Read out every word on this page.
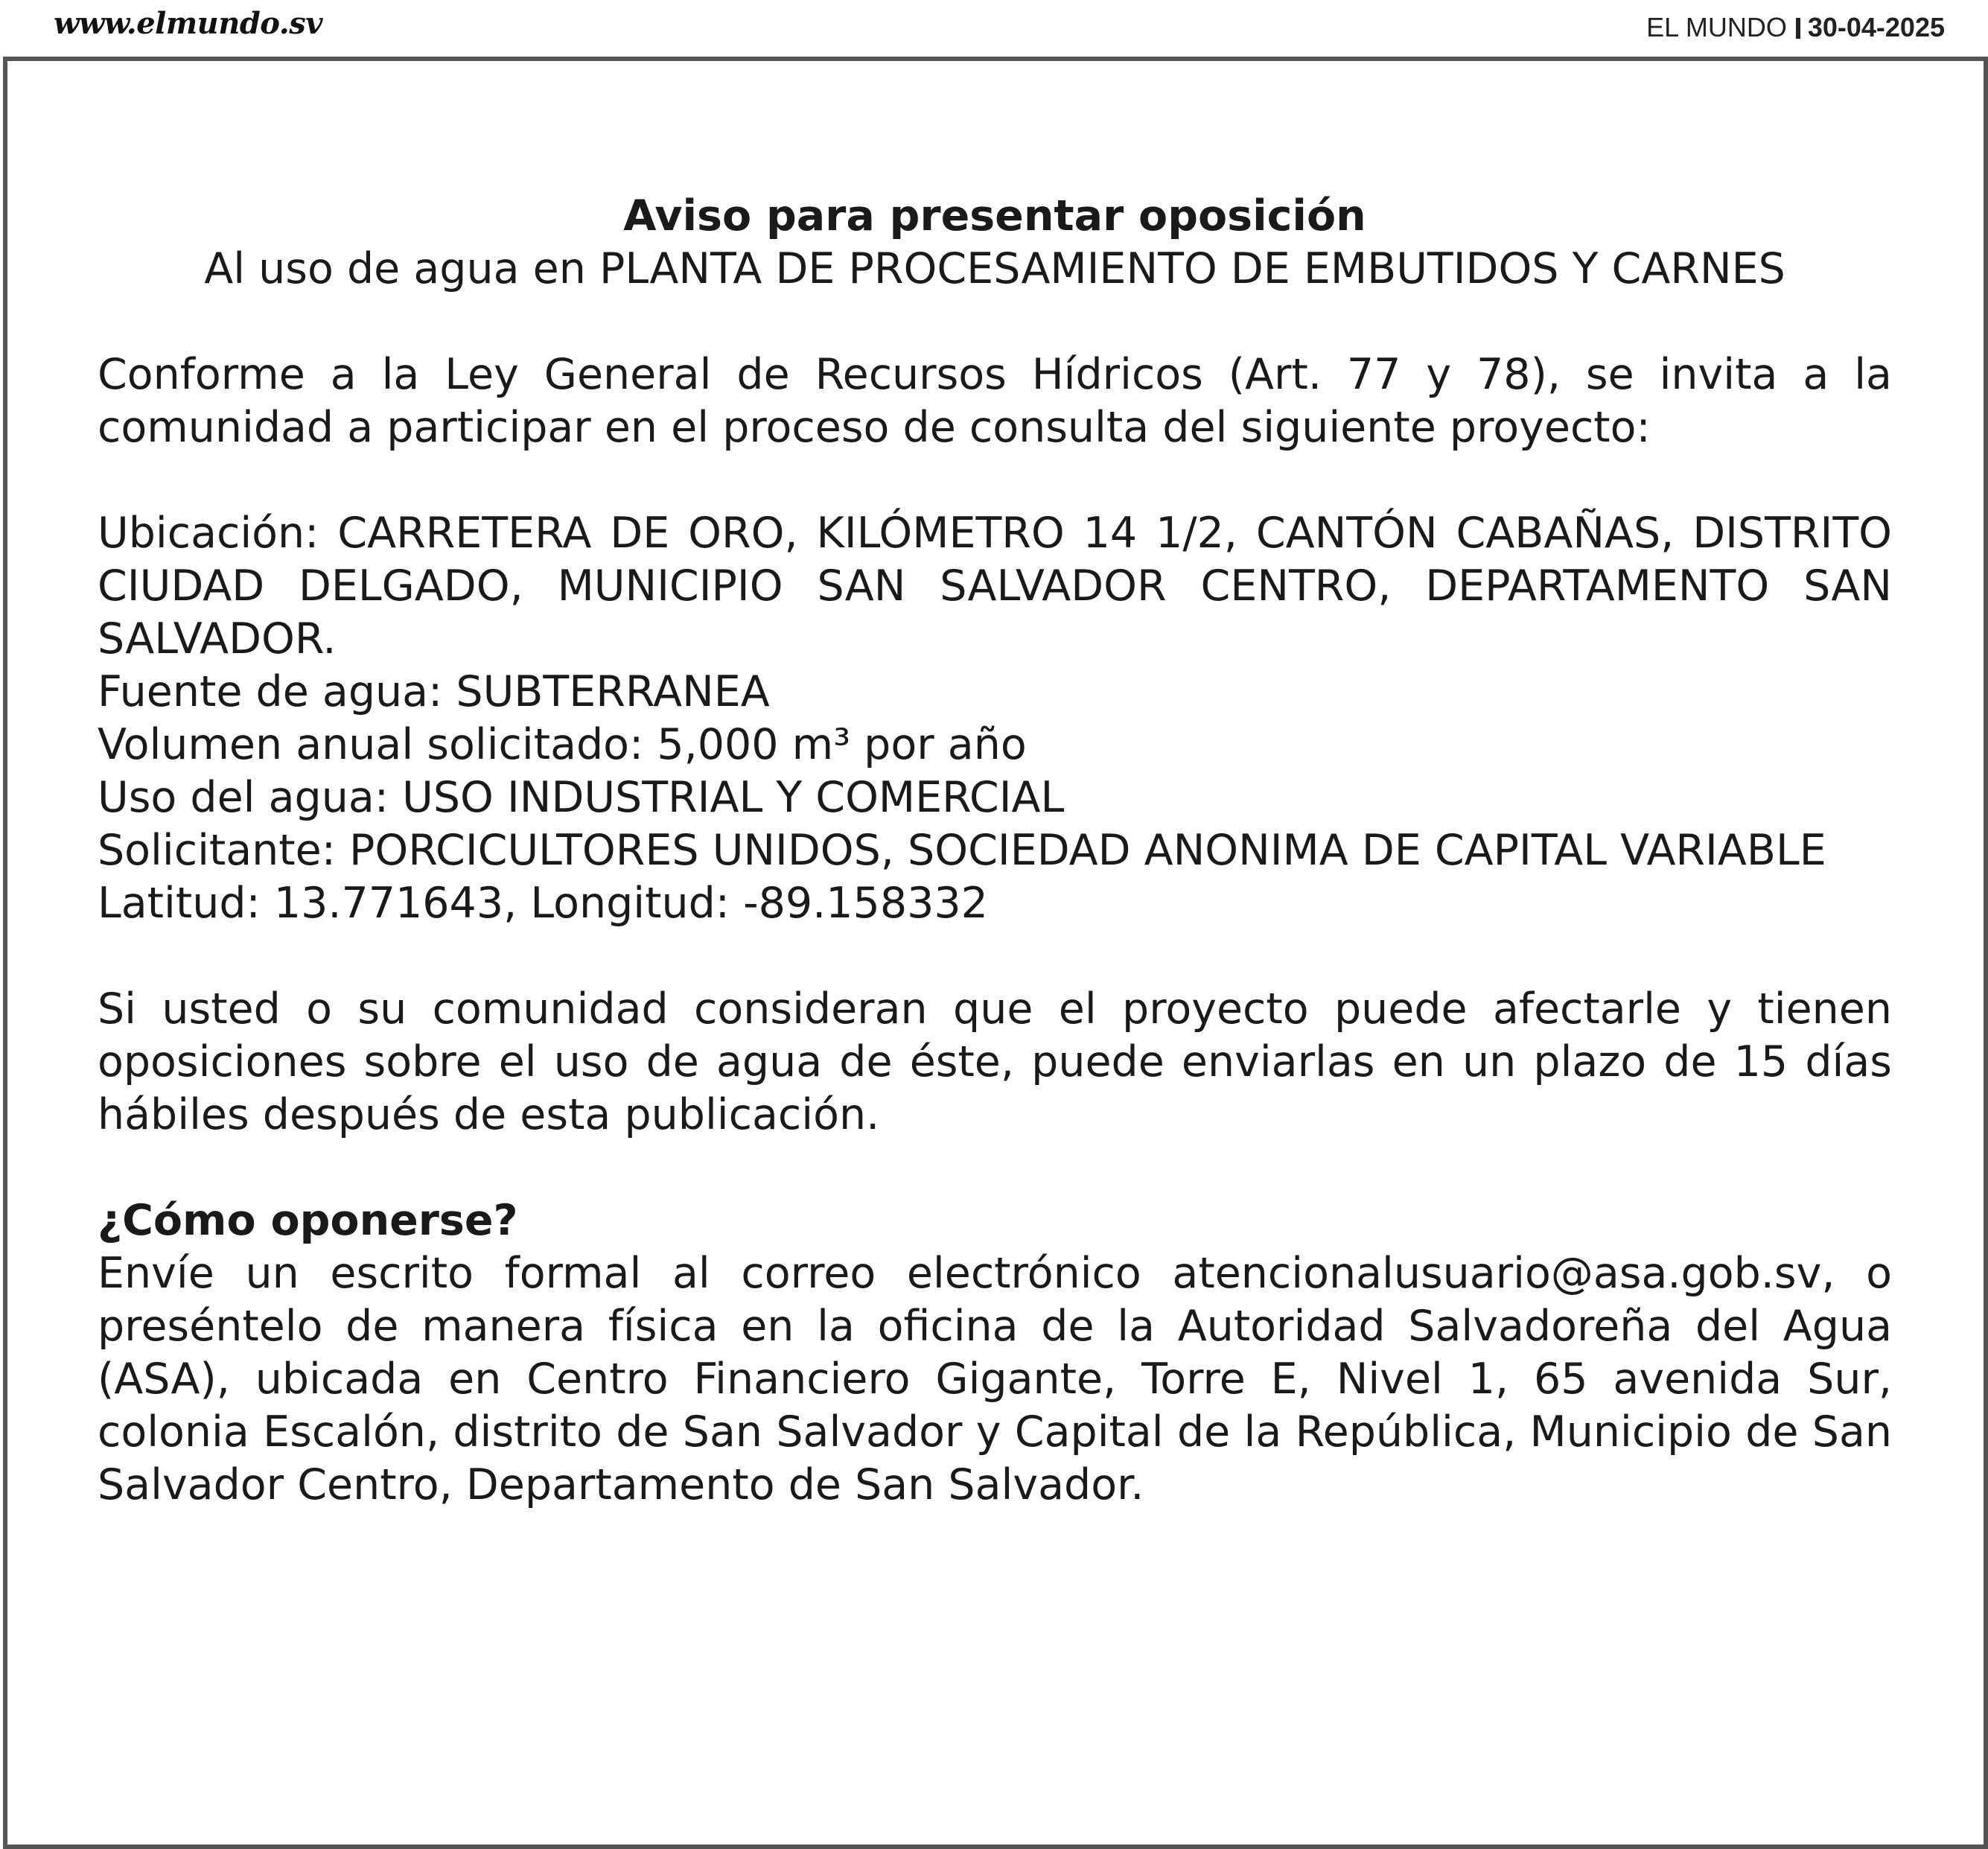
www.elmundo.sv	EL MUNDO 30-04-2025

Aviso para presentar oposición

Al uso de agua en PLANTA DE PROCESAMIENTO DE EMBUTIDOS Y CARNES

Conforme a la Ley General de Recursos Hídricos (Art. 77 y 78), se invita a la comunidad a participar en el proceso de consulta del siguiente proyecto:

Ubicación: CARRETERA DE ORO, KILÓMETRO 14 1/2, CANTÓN CABAÑAS, DISTRITO CIUDAD DELGADO, MUNICIPIO SAN SALVADOR CENTRO, DEPARTAMENTO SAN SALVADOR.

Fuente de agua: SUBTERRANEA

Volumen anual solicitado: 5,000 m³ por año

Uso del agua: USO INDUSTRIAL Y COMERCIAL

Solicitante: PORCICULTORES UNIDOS, SOCIEDAD ANONIMA DE CAPITAL VARIABLE

Latitud: 13.771643, Longitud: -89.158332

Si usted o su comunidad consideran que el proyecto puede afectarle y tienen oposiciones sobre el uso de agua de éste, puede enviarlas en un plazo de 15 días hábiles después de esta publicación.

¿Cómo oponerse?

Envíe un escrito formal al correo electrónico atencionalusuario@asa.gob.sv, o preséntelo de manera física en la oficina de la Autoridad Salvadoreña del Agua (ASA), ubicada en Centro Financiero Gigante, Torre E, Nivel 1, 65 avenida Sur, colonia Escalón, distrito de San Salvador y Capital de la República, Municipio de San Salvador Centro, Departamento de San Salvador.
